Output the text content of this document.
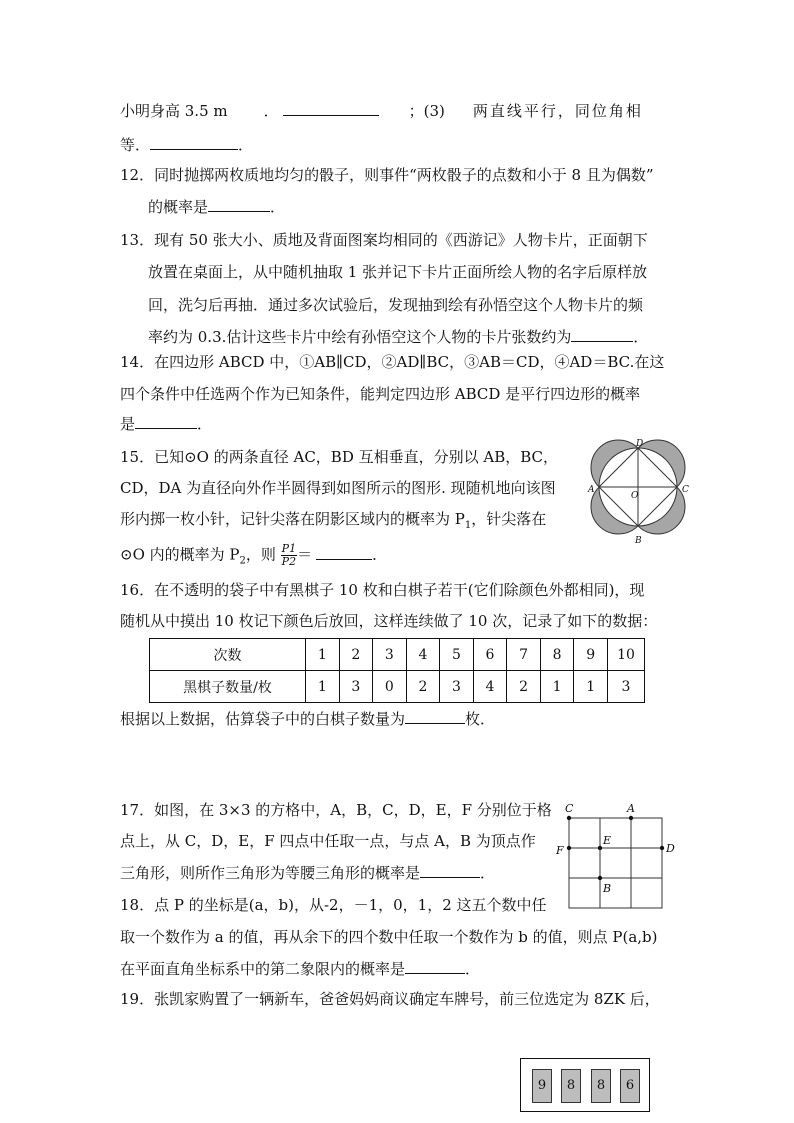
小明身高 3.5 m ．	；(3) 两直线平行，同位角相
等．	．
12．同时抛掷两枚质地均匀的骰子，则事件“两枚骰子的点数和小于 8 且为偶数”
的概率是	．
13．现有 50 张大小、质地及背面图案均相同的《西游记》人物卡片，正面朝下
放置在桌面上，从中随机抽取 1 张并记下卡片正面所绘人物的名字后原样放
回，洗匀后再抽．通过多次试验后，发现抽到绘有孙悟空这个人物卡片的频
率约为 0.3.估计这些卡片中绘有孙悟空这个人物的卡片张数约为	．
14．在四边形 ABCD 中，①AB∥CD，②AD∥BC，③AB＝CD，④AD＝BC.在这
四个条件中任选两个作为已知条件，能判定四边形 ABCD 是平行四边形的概率
是	．
15．已知⊙O 的两条直径 AC，BD 互相垂直，分别以 AB，BC，
CD，DA 为直径向外作半圆得到如图所示的图形. 现随机地向该图
形内掷一枚小针，记针尖落在阴影区域内的概率为 $P_1$，针尖落在
⊙O 内的概率为 $P_2$，则 $\frac{P1}{P2}$ ＝	．
D
A	C
O
B
16．在不透明的袋子中有黑棋子 10 枚和白棋子若干(它们除颜色外都相同)，现
随机从中摸出 10 枚记下颜色后放回，这样连续做了 10 次，记录了如下的数据：
次数	1	2	3	4	5	6	7	8	9	10
黑棋子数量/枚	1	3	0	2	3	4	2	1	1	3
根据以上数据，估算袋子中的白棋子数量为	枚．
17．如图，在 3×3 的方格中，A，B，C，D，E，F 分别位于格
点上，从 C，D，E，F 四点中任取一点，与点 A，B 为顶点作
三角形，则所作三角形为等腰三角形的概率是	．
C	A
F
E
D
B
18．点 P 的坐标是(a，b)，从-2，－1，0，1，2 这五个数中任
取一个数作为 a 的值，再从余下的四个数中任取一个数作为 b 的值，则点 P(a,b)
在平面直角坐标系中的第二象限内的概率是	．
19．张凯家购置了一辆新车，爸爸妈妈商议确定车牌号，前三位选定为 8ZK 后，
9	8	8	6
